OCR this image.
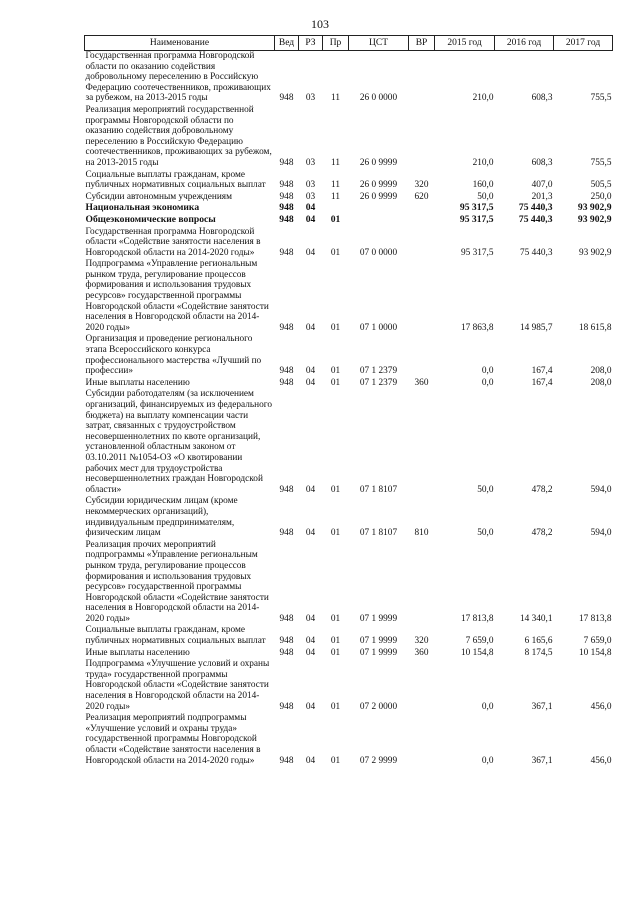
103
Наименование	Вед	РЗ	Пр	ЦСТ	ВР	2015 год	2016 год	2017 год
Государственная программа Новгородской области по оказанию содействия добровольному переселению в Российскую Федерацию соотечественников, проживающих за рубежом, на 2013-2015 годы	948	03	11	26 0 0000		210,0	608,3	755,5
Реализация мероприятий государственной программы Новгородской области по оказанию содействия добровольному переселению в Российскую Федерацию соотечественников, проживающих за рубежом, на 2013-2015 годы	948	03	11	26 0 9999		210,0	608,3	755,5
Социальные выплаты гражданам, кроме публичных нормативных социальных выплат	948	03	11	26 0 9999	320	160,0	407,0	505,5
Субсидии автономным учреждениям	948	03	11	26 0 9999	620	50,0	201,3	250,0
Национальная экономика	948	04				95 317,5	75 440,3	93 902,9
Общеэкономические вопросы	948	04	01			95 317,5	75 440,3	93 902,9
Государственная программа Новгородской области «Содействие занятости населения в Новгородской области на 2014-2020 годы»	948	04	01	07 0 0000		95 317,5	75 440,3	93 902,9
Подпрограмма «Управление региональным рынком труда, регулирование процессов формирования и использования трудовых ресурсов» государственной программы Новгородской области «Содействие занятости населения в Новгородской области на 2014-2020 годы»	948	04	01	07 1 0000		17 863,8	14 985,7	18 615,8
Организация и проведение регионального этапа Всероссийского конкурса профессионального мастерства «Лучший по профессии»	948	04	01	07 1 2379		0,0	167,4	208,0
Иные выплаты населению	948	04	01	07 1 2379	360	0,0	167,4	208,0
Субсидии работодателям (за исключением организаций, финансируемых из федерального бюджета) на выплату компенсации части затрат, связанных с трудоустройством несовершеннолетних по квоте организаций, установленной областным законом от 03.10.2011 №1054-ОЗ «О квотировании рабочих мест для трудоустройства несовершеннолетних граждан Новгородской области»	948	04	01	07 1 8107		50,0	478,2	594,0
Субсидии юридическим лицам (кроме некоммерческих организаций), индивидуальным предпринимателям, физическим лицам	948	04	01	07 1 8107	810	50,0	478,2	594,0
Реализация прочих мероприятий подпрограммы «Управление региональным рынком труда, регулирование процессов формирования и использования трудовых ресурсов» государственной программы Новгородской области «Содействие занятости населения в Новгородской области на 2014-2020 годы»	948	04	01	07 1 9999		17 813,8	14 340,1	17 813,8
Социальные выплаты гражданам, кроме публичных нормативных социальных выплат	948	04	01	07 1 9999	320	7 659,0	6 165,6	7 659,0
Иные выплаты населению	948	04	01	07 1 9999	360	10 154,8	8 174,5	10 154,8
Подпрограмма «Улучшение условий и охраны труда» государственной программы Новгородской области «Содействие занятости населения в Новгородской области на 2014-2020 годы»	948	04	01	07 2 0000		0,0	367,1	456,0
Реализация мероприятий подпрограммы «Улучшение условий и охраны труда» государственной программы Новгородской области «Содействие занятости населения в Новгородской области на 2014-2020 годы»	948	04	01	07 2 9999		0,0	367,1	456,0
